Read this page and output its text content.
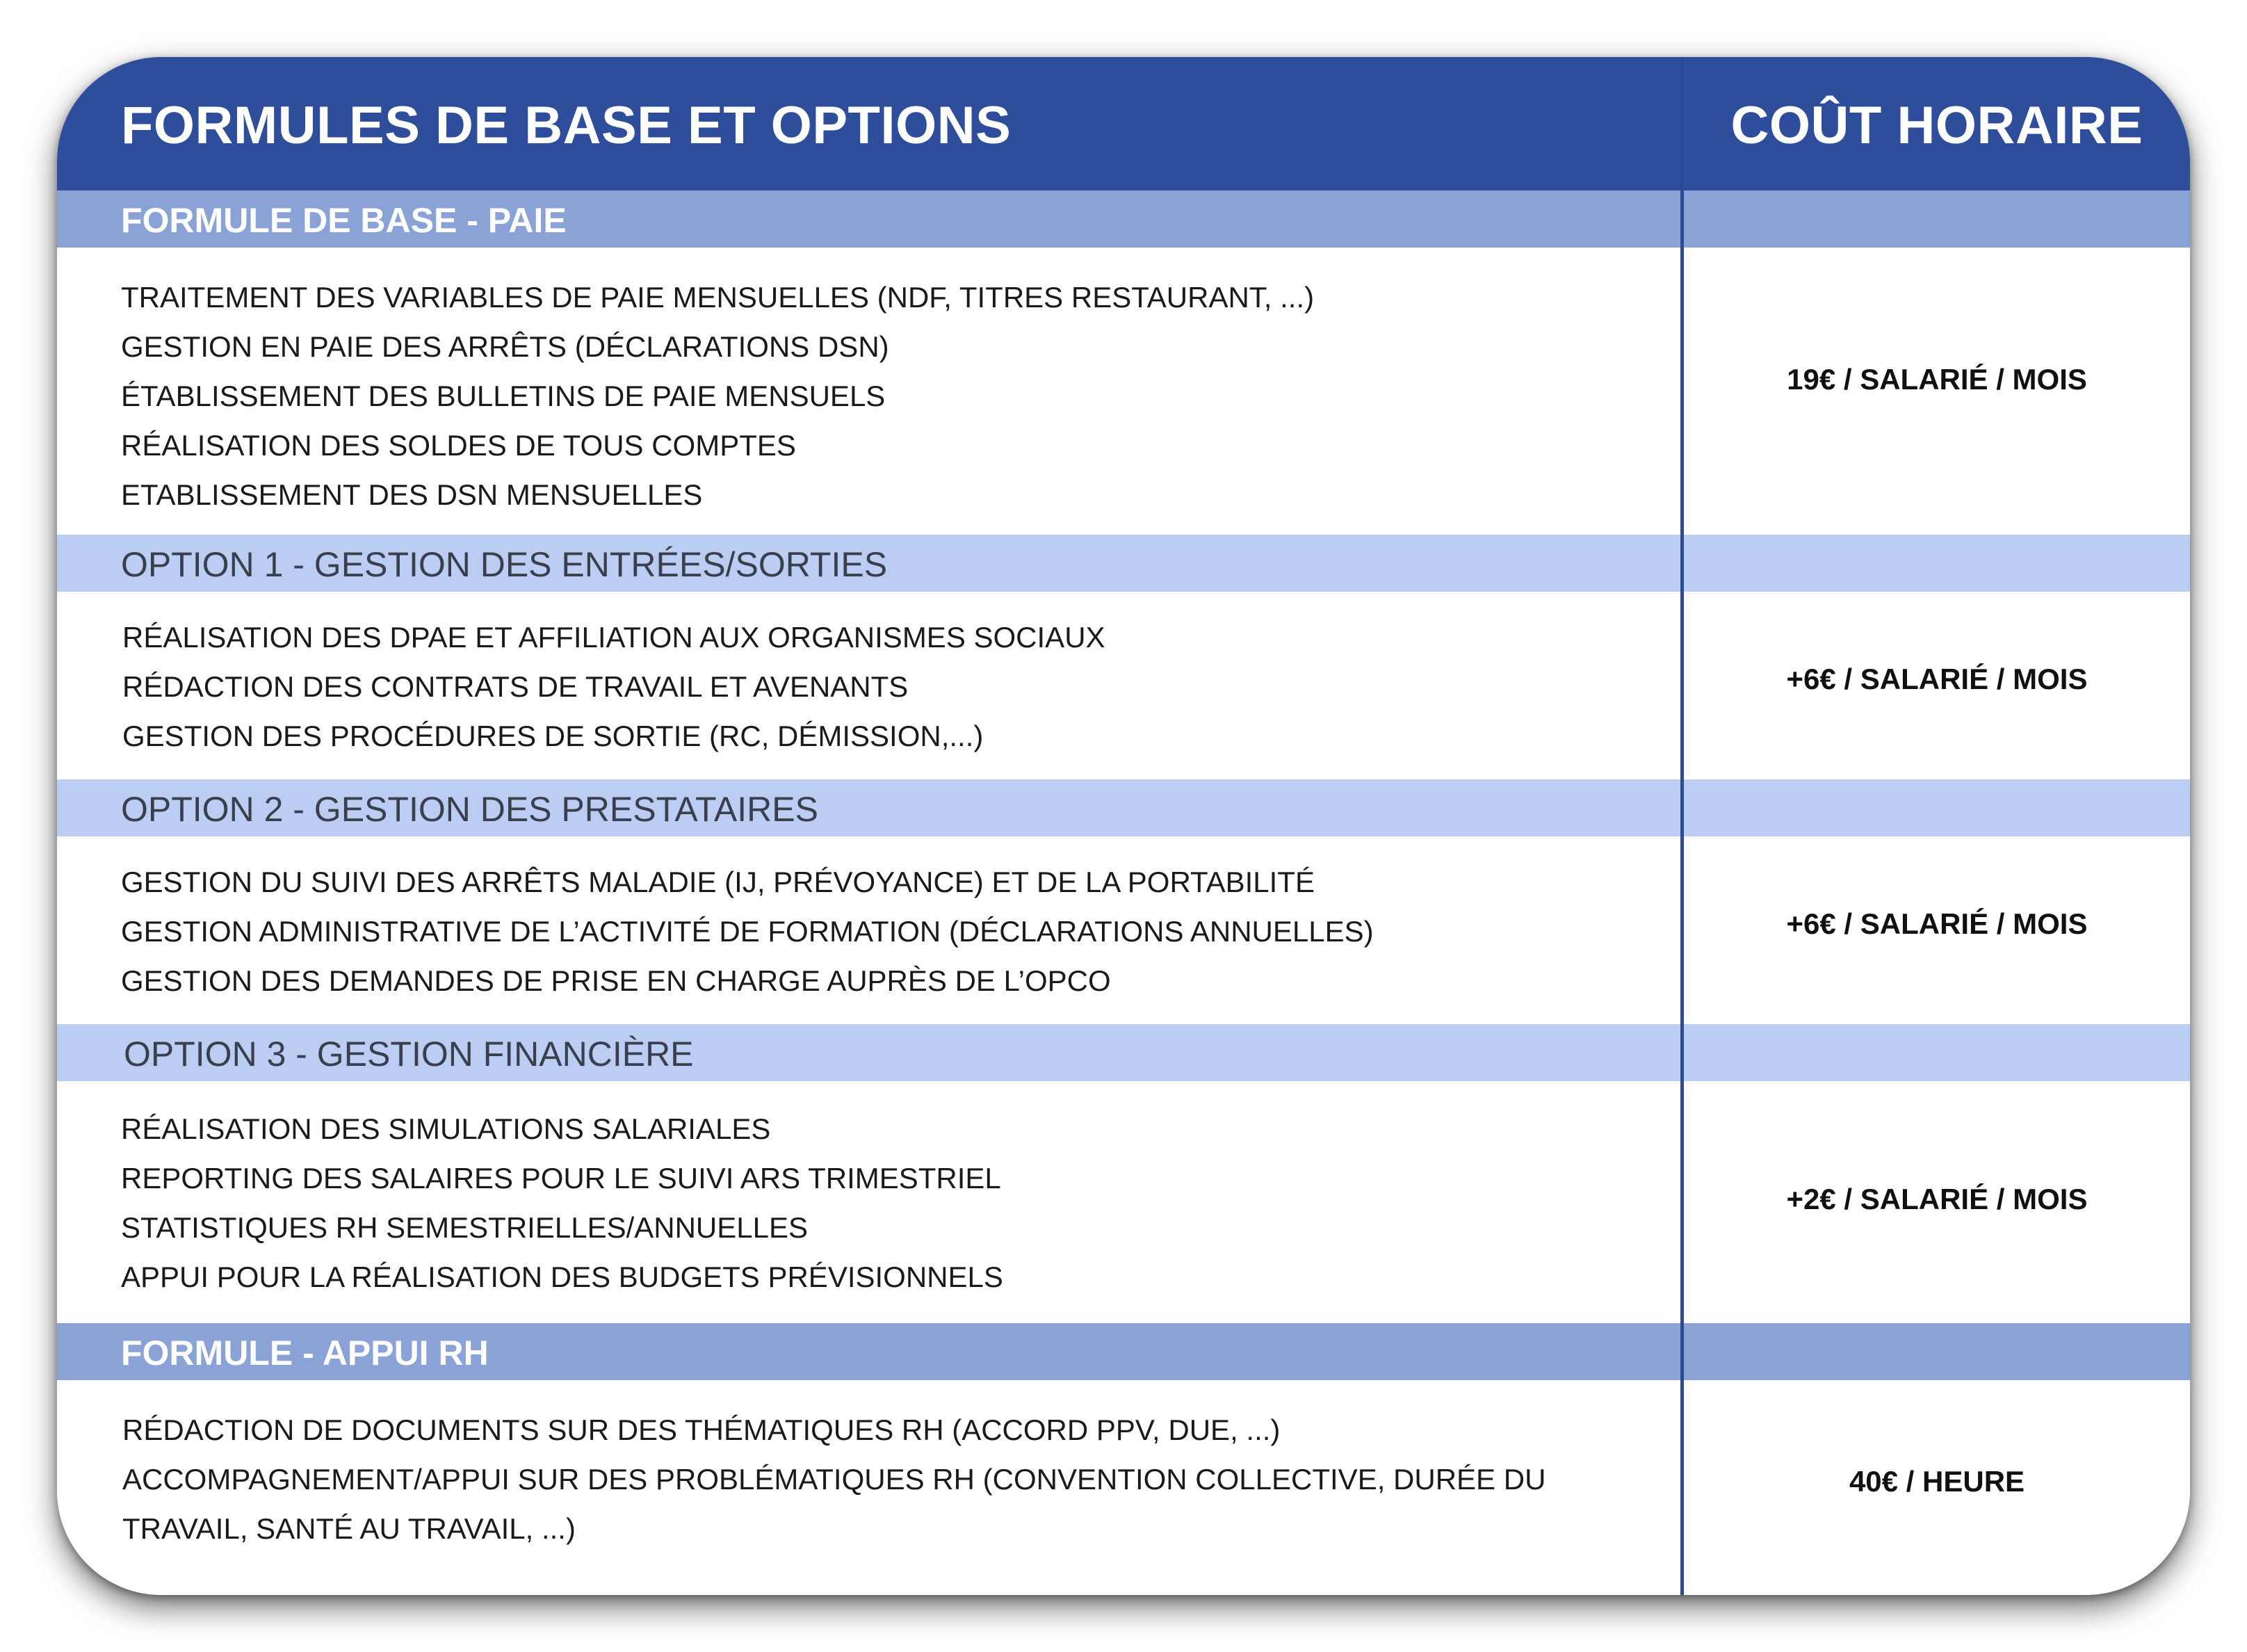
FORMULES DE BASE ET OPTIONS	COÛT HORAIRE
FORMULE DE BASE - PAIE
TRAITEMENT DES VARIABLES DE PAIE MENSUELLES (NDF, TITRES RESTAURANT, ...)
GESTION EN PAIE DES ARRÊTS (DÉCLARATIONS DSN)
ÉTABLISSEMENT DES BULLETINS DE PAIE MENSUELS
RÉALISATION DES SOLDES DE TOUS COMPTES
ETABLISSEMENT DES DSN MENSUELLES
19€ / SALARIÉ / MOIS
OPTION 1 - GESTION DES ENTRÉES/SORTIES
RÉALISATION DES DPAE ET AFFILIATION AUX ORGANISMES SOCIAUX
RÉDACTION DES CONTRATS DE TRAVAIL ET AVENANTS
GESTION DES PROCÉDURES DE SORTIE (RC, DÉMISSION,...)
+6€ / SALARIÉ / MOIS
OPTION 2 - GESTION DES PRESTATAIRES
GESTION DU SUIVI DES ARRÊTS MALADIE (IJ, PRÉVOYANCE) ET DE LA PORTABILITÉ
GESTION ADMINISTRATIVE DE L’ACTIVITÉ DE FORMATION (DÉCLARATIONS ANNUELLES)
GESTION DES DEMANDES DE PRISE EN CHARGE AUPRÈS DE L’OPCO
+6€ / SALARIÉ / MOIS
OPTION 3 - GESTION FINANCIÈRE
RÉALISATION DES SIMULATIONS SALARIALES
REPORTING DES SALAIRES POUR LE SUIVI ARS TRIMESTRIEL
STATISTIQUES RH SEMESTRIELLES/ANNUELLES
APPUI POUR LA RÉALISATION DES BUDGETS PRÉVISIONNELS
+2€ / SALARIÉ / MOIS
FORMULE - APPUI RH
RÉDACTION DE DOCUMENTS SUR DES THÉMATIQUES RH (ACCORD PPV, DUE, ...)
ACCOMPAGNEMENT/APPUI SUR DES PROBLÉMATIQUES RH (CONVENTION COLLECTIVE, DURÉE DU TRAVAIL, SANTÉ AU TRAVAIL, ...)
40€ / HEURE
